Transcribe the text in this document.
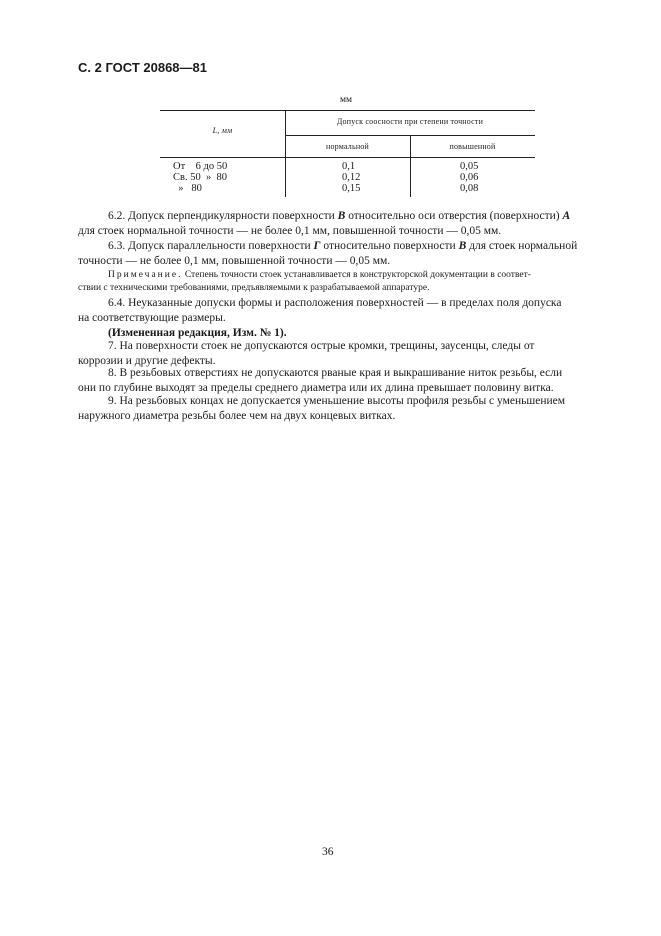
С. 2 ГОСТ 20868—81
мм
L, мм
Допуск соосности при степени точности
нормальной	повышенной
От    6 до 50	0,1	0,05
Св. 50  »  80	0,12	0,06
»   80	0,15	0,08
6.2. Допуск перпендикулярности поверхности В относительно оси отверстия (поверхности) А
для стоек нормальной точности — не более 0,1 мм, повышенной точности — 0,05 мм.
6.3. Допуск параллельности поверхности Г относительно поверхности В для стоек нормальной
точности — не более 0,1 мм, повышенной точности — 0,05 мм.
Примечание. Степень точности стоек устанавливается в конструкторской документации в соответ-
ствии с техническими требованиями, предъявляемыми к разрабатываемой аппаратуре.
6.4. Неуказанные допуски формы и расположения поверхностей — в пределах поля допуска
на соответствующие размеры.
(Измененная редакция, Изм. № 1).
7. На поверхности стоек не допускаются острые кромки, трещины, заусенцы, следы от
коррозии и другие дефекты.
8. В резьбовых отверстиях не допускаются рваные края и выкрашивание ниток резьбы, если
они по глубине выходят за пределы среднего диаметра или их длина превышает половину витка.
9. На резьбовых концах не допускается уменьшение высоты профиля резьбы с уменьшением
наружного диаметра резьбы более чем на двух концевых витках.
36
